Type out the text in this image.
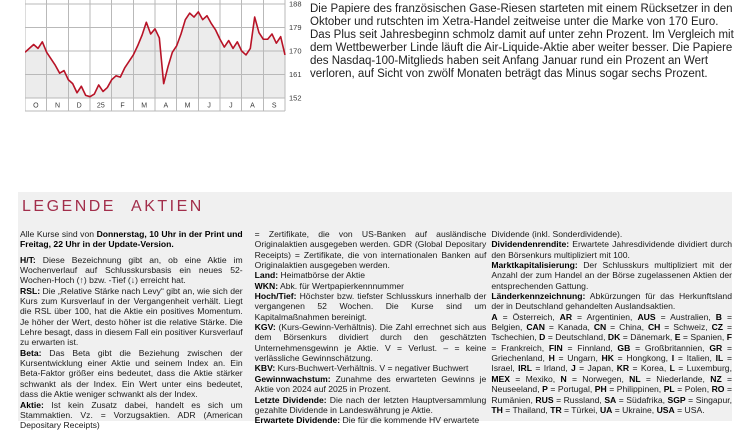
O N D 25 F M A M J	J	A S
188
179
170
161
152
Die Papiere des französischen Gase-Riesen starteten mit einem Rücksetzer in den Oktober und rutschten im Xetra-Handel zeitweise unter die Marke von 170 Euro. Das Plus seit Jahresbeginn schmolz damit auf unter zehn Prozent. Im Vergleich mit dem Wettbewerber Linde läuft die Air-Liquide-Aktie aber weiter besser. Die Papiere des Nasdaq-100-Mitglieds haben seit Anfang Januar rund ein Prozent an Wert verloren, auf Sicht von zwölf Monaten beträgt das Minus sogar sechs Prozent.
LEGENDE AKTIEN

Alle Kurse sind von Donnerstag, 10 Uhr in der Print und Freitag, 22 Uhr in der Update-Version.

H/T: Diese Bezeichnung gibt an, ob eine Aktie im Wochenverlauf auf Schlusskursbasis ein neues 52-Wochen-Hoch (↑) bzw. -Tief (↓) erreicht hat.

RSL: Die „Relative Stärke nach Levy“ gibt an, wie sich der Kurs zum Kursverlauf in der Vergangenheit verhält. Liegt die RSL über 100, hat die Aktie ein positives Momentum. Je höher der Wert, desto höher ist die relative Stärke. Die Lehre besagt, dass in diesem Fall ein positiver Kursverlauf zu erwarten ist.

Beta: Das Beta gibt die Beziehung zwischen der Kursentwicklung einer Aktie und seinem Index an. Ein Beta-Faktor größer eins bedeutet, dass die Aktie stärker schwankt als der Index. Ein Wert unter eins bedeutet, dass die Aktie weniger schwankt als der Index.

Aktie: Ist kein Zusatz dabei, handelt es sich um Stammaktien. Vz. = Vorzugsaktien. ADR (American Depositary Receipts)

= Zertifikate, die von US-Banken auf ausländische Originalaktien ausgegeben werden. GDR (Global Depositary Receipts) = Zertifikate, die von internationalen Banken auf Originalaktien ausgegeben werden.

Land: Heimatbörse der Aktie

WKN: Abk. für Wertpapierkennnummer

Hoch/Tief: Höchster bzw. tiefster Schlusskurs innerhalb der vergangenen 52 Wochen. Die Kurse sind um Kapitalmaßnahmen bereinigt.

KGV: (Kurs-Gewinn-Verhältnis). Die Zahl errechnet sich aus dem Börsenkurs dividiert durch den geschätzten Unternehmensgewinn je Aktie. V = Verlust. – = keine verlässliche Gewinnschätzung.

KBV: Kurs-Buchwert-Verhältnis. V = negativer Buchwert

Gewinnwachstum: Zunahme des erwarteten Gewinns je Aktie von 2024 auf 2025 in Prozent.

Letzte Dividende: Die nach der letzten Hauptversammlung gezahlte Dividende in Landeswährung je Aktie.

Erwartete Dividende: Die für die kommende HV erwartete

Dividende (inkl. Sonderdividende).

Dividendenrendite: Erwartete Jahresdividende dividiert durch den Börsenkurs multipliziert mit 100.

Marktkapitalisierung: Der Schlusskurs multipliziert mit der Anzahl der zum Handel an der Börse zugelassenen Aktien der entsprechenden Gattung.

Länderkennzeichnung: Abkürzungen für das Herkunftsland der in Deutschland gehandelten Auslandsaktien.

A = Österreich, AR = Argentinien, AUS = Australien, B = Belgien, CAN = Kanada, CN = China, CH = Schweiz, CZ = Tschechien, D = Deutschland, DK = Dänemark, E = Spanien, F = Frankreich, FIN = Finnland, GB = Großbritannien, GR = Griechenland, H = Ungarn, HK = Hongkong, I = Italien, IL = Israel, IRL = Irland, J = Japan, KR = Korea, L = Luxemburg, MEX = Mexiko, N = Norwegen, NL = Niederlande, NZ = Neuseeland, P = Portugal, PH = Philippinen, PL = Polen, RO = Rumänien, RUS = Russland, SA = Südafrika, SGP = Singapur, TH = Thailand, TR = Türkei, UA = Ukraine, USA = USA.
